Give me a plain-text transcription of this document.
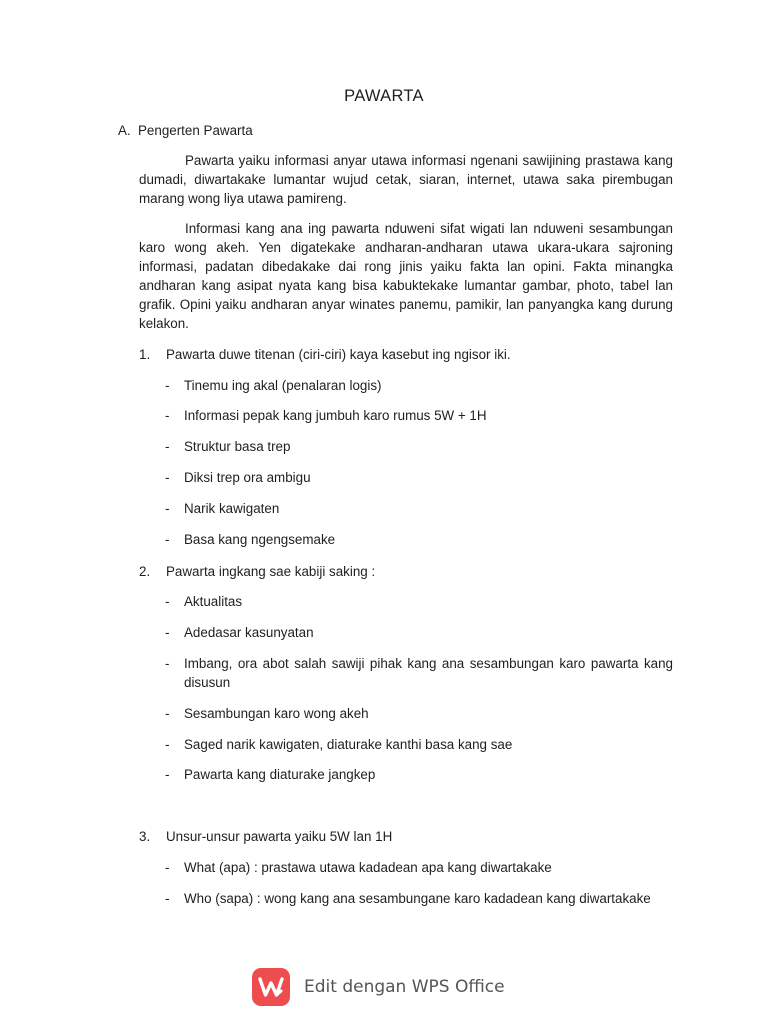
PAWARTA
A. Pengerten Pawarta

Pawarta yaiku informasi anyar utawa informasi ngenani sawijining prastawa kang dumadi, diwartakake lumantar wujud cetak, siaran, internet, utawa saka pirembugan marang wong liya utawa pamireng.

Informasi kang ana ing pawarta nduweni sifat wigati lan nduweni sesambungan karo wong akeh. Yen digatekake andharan-andharan utawa ukara-ukara sajroning informasi, padatan dibedakake dai rong jinis yaiku fakta lan opini. Fakta minangka andharan kang asipat nyata kang bisa kabuktekake lumantar gambar, photo, tabel lan grafik. Opini yaiku andharan anyar winates panemu, pamikir, lan panyangka kang durung kelakon.

1. Pawarta duwe titenan (ciri-ciri) kaya kasebut ing ngisor iki.
- Tinemu ing akal (penalaran logis)
- Informasi pepak kang jumbuh karo rumus 5W + 1H
- Struktur basa trep
- Diksi trep ora ambigu
- Narik kawigaten
- Basa kang ngengsemake
2. Pawarta ingkang sae kabiji saking :
- Aktualitas
- Adedasar kasunyatan
- Imbang, ora abot salah sawiji pihak kang ana sesambungan karo pawarta kang disusun
- Sesambungan karo wong akeh
- Saged narik kawigaten, diaturake kanthi basa kang sae
- Pawarta kang diaturake jangkep
3. Unsur-unsur pawarta yaiku 5W lan 1H
- What (apa) : prastawa utawa kadadean apa kang diwartakake
- Who (sapa) : wong kang ana sesambungane karo kadadean kang diwartakake
Edit dengan WPS Office
